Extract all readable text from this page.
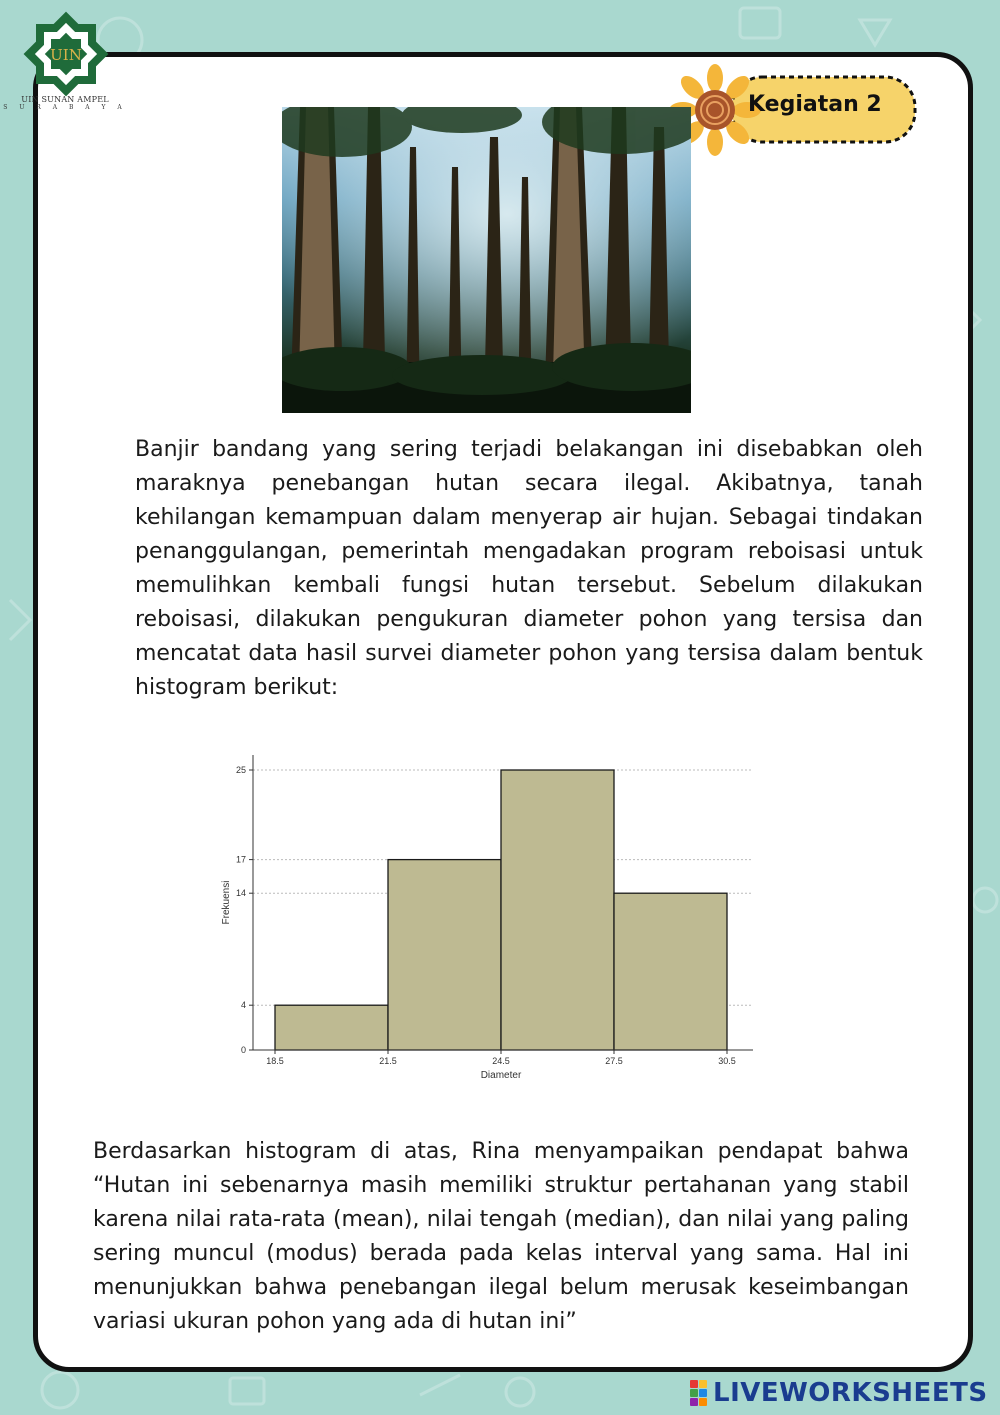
UIN
UIN SUNAN AMPEL
S U R A B A Y A	Kegiatan 2

Banjir bandang yang sering terjadi belakangan ini disebabkan oleh maraknya penebangan hutan secara ilegal. Akibatnya, tanah kehilangan kemampuan dalam menyerap air hujan. Sebagai tindakan penanggulangan, pemerintah mengadakan program reboisasi untuk memulihkan kembali fungsi hutan tersebut. Sebelum dilakukan reboisasi, dilakukan pengukuran diameter pohon yang tersisa dan mencatat data hasil survei diameter pohon yang tersisa dalam bentuk histogram berikut:

0
4
14
17
25
18.5	21.5	24.5	27.5	30.5
Diameter
Frekuensi

Berdasarkan histogram di atas, Rina menyampaikan pendapat bahwa “Hutan ini sebenarnya masih memiliki struktur pertahanan yang stabil karena nilai rata-rata (mean), nilai tengah (median), dan nilai yang paling sering muncul (modus) berada pada kelas interval yang sama. Hal ini menunjukkan bahwa penebangan ilegal belum merusak keseimbangan variasi ukuran pohon yang ada di hutan ini”

LIVEWORKSHEETS
